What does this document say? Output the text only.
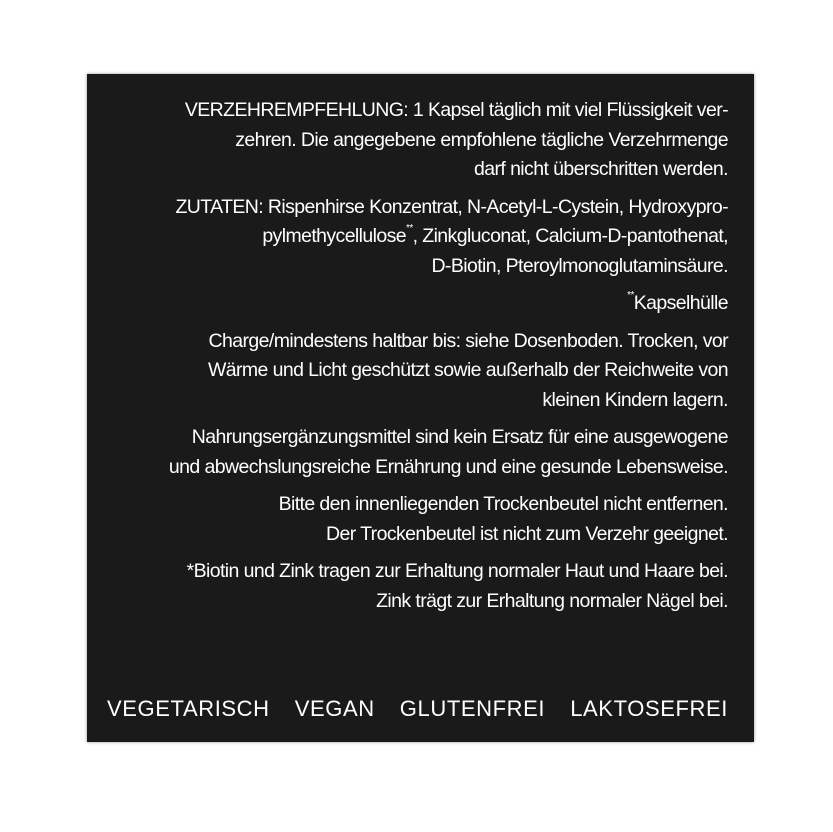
VERZEHREMPFEHLUNG: 1 Kapsel täglich mit viel Flüssigkeit ver-
zehren. Die angegebene empfohlene tägliche Verzehrmenge
darf nicht überschritten werden.

ZUTATEN: Rispenhirse Konzentrat, N-Acetyl-L-Cystein, Hydroxypro-
pylmethycellulose**, Zinkgluconat, Calcium-D-pantothenat,
D-Biotin, Pteroylmonoglutaminsäure.

**Kapselhülle

Charge/mindestens haltbar bis: siehe Dosenboden. Trocken, vor
Wärme und Licht geschützt sowie außerhalb der Reichweite von
kleinen Kindern lagern.

Nahrungsergänzungsmittel sind kein Ersatz für eine ausgewogene
und abwechslungsreiche Ernährung und eine gesunde Lebensweise.

Bitte den innenliegenden Trockenbeutel nicht entfernen.
Der Trockenbeutel ist nicht zum Verzehr geeignet.

*Biotin und Zink tragen zur Erhaltung normaler Haut und Haare bei.
Zink trägt zur Erhaltung normaler Nägel bei.

VEGETARISCH VEGAN GLUTENFREI LAKTOSEFREI
